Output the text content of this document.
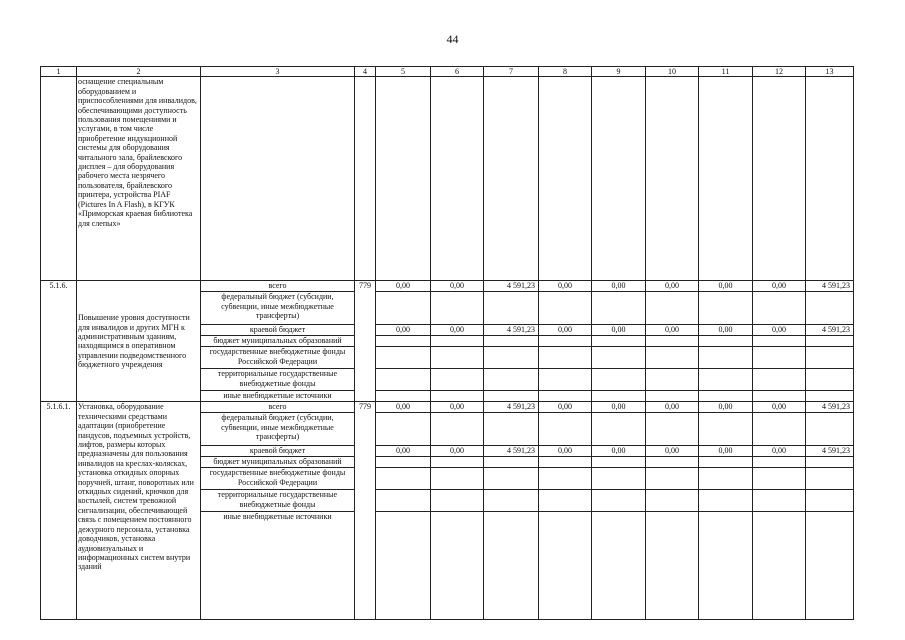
44
1	2	3	4	5	6	7	8	9	10	11	12	13
	оснащение специальным оборудованием и приспособлениями для инвалидов, обеспечивающими доступность пользования помещениями и услугами, в том числе приобретение индукционной системы для оборудования читального зала, брайлевского дисплея – для оборудования рабочего места незрячего пользователя, брайлевского принтера, устройства PIAF (Pictures In A Flash), в КГУК «Приморская краевая библиотека для слепых»											
5.1.6.	Повышение уровня доступности для инвалидов и других МГН к административным зданиям, находящимся в оперативном управлении подведомственного бюджетного учреждения	всего	779	0,00	0,00	4 591,23	0,00	0,00	0,00	0,00	0,00	4 591,23
		федеральный бюджет (субсидии, субвенции, иные межбюджетные трансферты)										
		краевой бюджет		0,00	0,00	4 591,23	0,00	0,00	0,00	0,00	0,00	4 591,23
		бюджет муниципальных образований										
		государственные внебюджетные фонды Российской Федерации										
		территориальные государственные внебюджетные фонды										
		иные внебюджетные источники										
5.1.6.1.	Установка, оборудование техническими средствами адаптации (приобретение пандусов, подъемных устройств, лифтов, размеры которых предназначены для пользования инвалидов на креслах-колясках, установка откидных опорных поручней, штанг, поворотных или откидных сидений, крючков для костылей, систем тревожной сигнализации, обеспечивающей связь с помещением постоянного дежурного персонала, установка доводчиков, установка аудиовизуальных и информационных систем внутри зданий	всего	779	0,00	0,00	4 591,23	0,00	0,00	0,00	0,00	0,00	4 591,23
		федеральный бюджет (субсидии, субвенции, иные межбюджетные трансферты)										
		краевой бюджет		0,00	0,00	4 591,23	0,00	0,00	0,00	0,00	0,00	4 591,23
		бюджет муниципальных образований										
		государственные внебюджетные фонды Российской Федерации										
		территориальные государственные внебюджетные фонды										
		иные внебюджетные источники										
